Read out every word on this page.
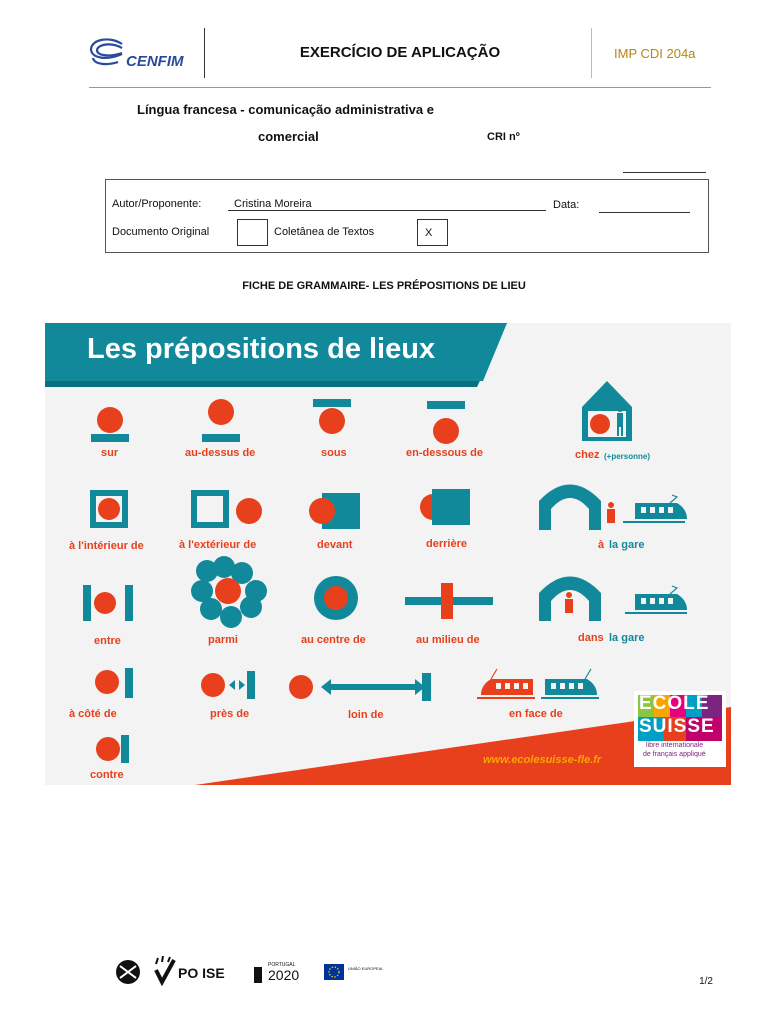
CENFIM
EXERCÍCIO DE APLICAÇÃO	IMP CDI 204a
Língua francesa - comunicação administrativa e
comercial	CRI nº
Autor/Proponente:	Cristina Moreira	Data:
Documento Original	Coletânea de Textos	X
FICHE DE GRAMMAIRE- LES PRÉPOSITIONS DE LIEU
Les prépositions de lieux
sur	au-dessus de	sous	en-dessous de	chez (+personne)
à l'intérieur de	à l'extérieur de	devant	derrière	à la gare
entre	parmi	au centre de	au milieu de	dans la gare
à côté de	près de	loin de	en face de
contre
www.ecolesuisse-fle.fr
ÉCOLE
SUISSE
libre internationale
de français appliqué
PO ISE	PORTUGAL
2020	UNIÃO EUROPEIA
1/2
